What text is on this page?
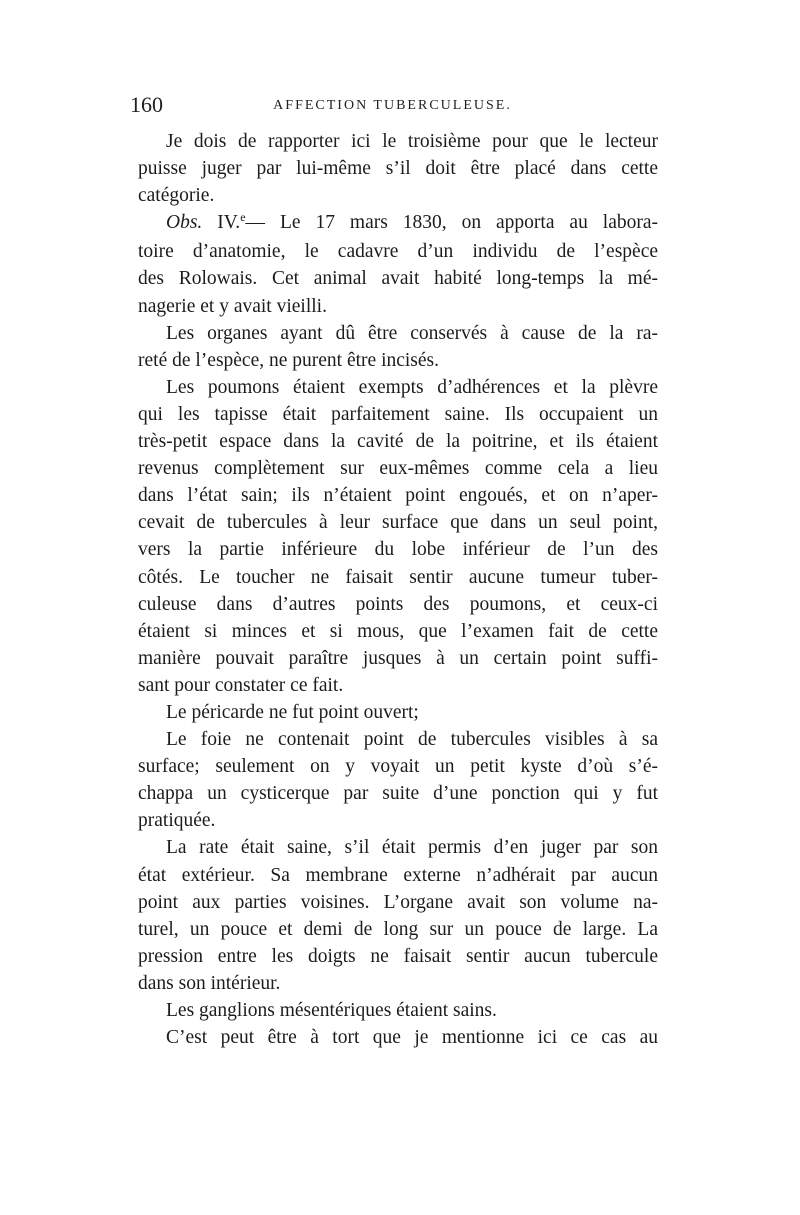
160	AFFECTION TUBERCULEUSE.
Je dois de rapporter ici le troisième pour que le lecteur
puisse juger par lui-même s’il doit être placé dans cette
catégorie.
Obs. IV.$^e$— Le 17 mars 1830, on apporta au labora-
toire d’anatomie, le cadavre d’un individu de l’espèce
des Rolowais. Cet animal avait habité long-temps la mé-
nagerie et y avait vieilli.
Les organes ayant dû être conservés à cause de la ra-
reté de l’espèce, ne purent être incisés.
Les poumons étaient exempts d’adhérences et la plèvre
qui les tapisse était parfaitement saine. Ils occupaient un
très-petit espace dans la cavité de la poitrine, et ils étaient
revenus complètement sur eux-mêmes comme cela a lieu
dans l’état sain; ils n’étaient point engoués, et on n’aper-
cevait de tubercules à leur surface que dans un seul point,
vers la partie inférieure du lobe inférieur de l’un des
côtés. Le toucher ne faisait sentir aucune tumeur tuber-
culeuse dans d’autres points des poumons, et ceux-ci
étaient si minces et si mous, que l’examen fait de cette
manière pouvait paraître jusques à un certain point suffi-
sant pour constater ce fait.
Le péricarde ne fut point ouvert;
Le foie ne contenait point de tubercules visibles à sa
surface; seulement on y voyait un petit kyste d’où s’é-
chappa un cysticerque par suite d’une ponction qui y fut
pratiquée.
La rate était saine, s’il était permis d’en juger par son
état extérieur. Sa membrane externe n’adhérait par aucun
point aux parties voisines. L’organe avait son volume na-
turel, un pouce et demi de long sur un pouce de large. La
pression entre les doigts ne faisait sentir aucun tubercule
dans son intérieur.
Les ganglions mésentériques étaient sains.
C’est peut être à tort que je mentionne ici ce cas au
